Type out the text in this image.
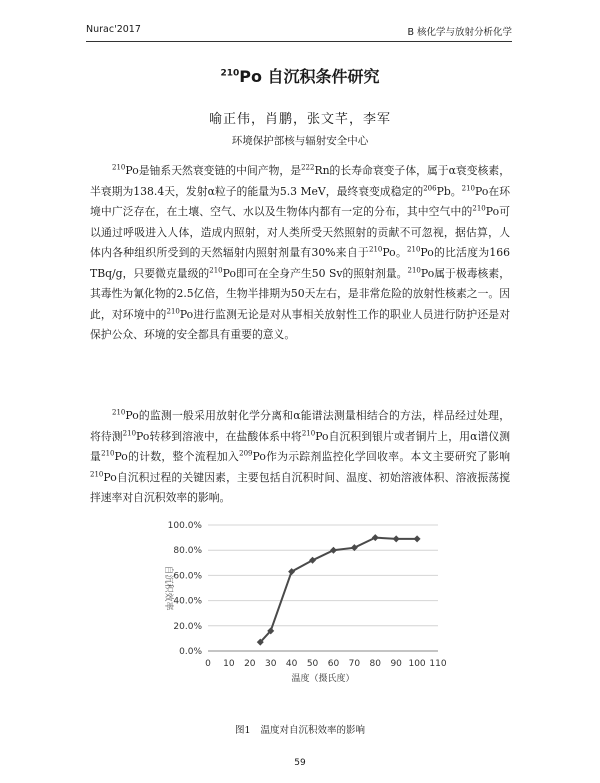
Nurac'2017	B 核化学与放射分析化学
$^{210}$Po 自沉积条件研究
喻正伟，肖鹏，张文芊，李军
环境保护部核与辐射安全中心

$^{210}$Po是铀系天然衰变链的中间产物，是$^{222}$Rn的长寿命衰变子体，属于α衰变核素，半衰期为138.4天，发射α粒子的能量为5.3 MeV，最终衰变成稳定的$^{206}$Pb。$^{210}$Po在环境中广泛存在，在土壤、空气、水以及生物体内都有一定的分布，其中空气中的$^{210}$Po可以通过呼吸进入人体，造成内照射，对人类所受天然照射的贡献不可忽视，据估算，人体内各种组织所受到的天然辐射内照射剂量有30%来自于$^{210}$Po。$^{210}$Po的比活度为166 TBq/g，只要微克量级的$^{210}$Po即可在全身产生50 Sv的照射剂量。$^{210}$Po属于极毒核素，其毒性为氰化物的2.5亿倍，生物半排期为50天左右，是非常危险的放射性核素之一。因此，对环境中的$^{210}$Po进行监测无论是对从事相关放射性工作的职业人员进行防护还是对保护公众、环境的安全都具有重要的意义。

$^{210}$Po的监测一般采用放射化学分离和α能谱法测量相结合的方法，样品经过处理，将待测$^{210}$Po转移到溶液中，在盐酸体系中将$^{210}$Po自沉积到银片或者铜片上，用α谱仪测量$^{210}$Po的计数，整个流程加入$^{209}$Po作为示踪剂监控化学回收率。本文主要研究了影响$^{210}$Po自沉积过程的关键因素，主要包括自沉积时间、温度、初始溶液体积、溶液振荡搅拌速率对自沉积效率的影响。

0.0%
20.0%
40.0%
60.0%
80.0%
100.0%
0 10 20 30 40 50 60 70 80 90 100 110
温度（摄氏度）
自沉积效率
图1 温度对自沉积效率的影响
59
